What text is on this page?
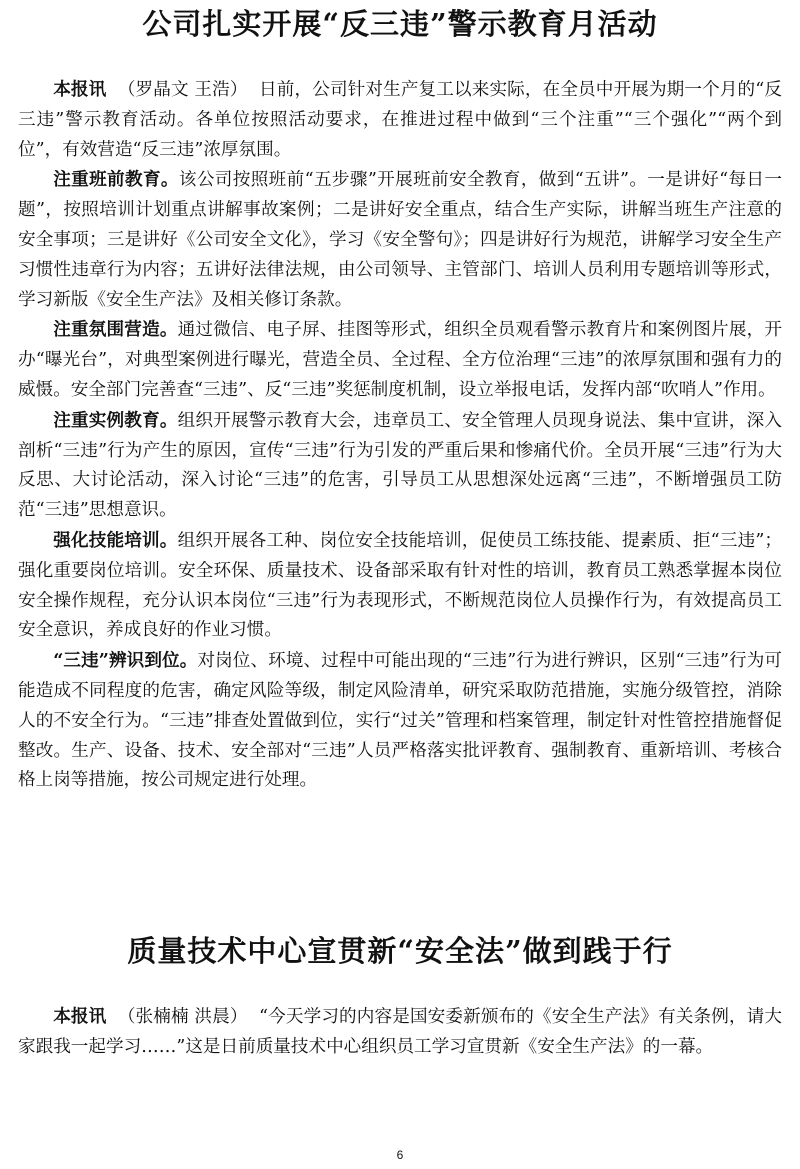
公司扎实开展“反三违”警示教育月活动

本报讯 （罗晶文 王浩） 日前，公司针对生产复工以来实际，在全员中开展为期一个月的“反三违”警示教育活动。各单位按照活动要求，在推进过程中做到“三个注重”“三个强化”“两个到位”，有效营造“反三违”浓厚氛围。

注重班前教育。该公司按照班前“五步骤”开展班前安全教育，做到“五讲”。一是讲好“每日一题”，按照培训计划重点讲解事故案例；二是讲好安全重点，结合生产实际，讲解当班生产注意的安全事项；三是讲好《公司安全文化》，学习《安全警句》；四是讲好行为规范，讲解学习安全生产习惯性违章行为内容；五讲好法律法规，由公司领导、主管部门、培训人员利用专题培训等形式，学习新版《安全生产法》及相关修订条款。

注重氛围营造。通过微信、电子屏、挂图等形式，组织全员观看警示教育片和案例图片展，开办“曝光台”，对典型案例进行曝光，营造全员、全过程、全方位治理“三违”的浓厚氛围和强有力的威慑。安全部门完善查“三违”、反“三违”奖惩制度机制，设立举报电话，发挥内部“吹哨人”作用。

注重实例教育。组织开展警示教育大会，违章员工、安全管理人员现身说法、集中宣讲，深入剖析“三违”行为产生的原因，宣传“三违”行为引发的严重后果和惨痛代价。全员开展“三违”行为大反思、大讨论活动，深入讨论“三违”的危害，引导员工从思想深处远离“三违”，不断增强员工防范“三违”思想意识。

强化技能培训。组织开展各工种、岗位安全技能培训，促使员工练技能、提素质、拒“三违”；强化重要岗位培训。安全环保、质量技术、设备部采取有针对性的培训，教育员工熟悉掌握本岗位安全操作规程，充分认识本岗位“三违”行为表现形式，不断规范岗位人员操作行为，有效提高员工安全意识，养成良好的作业习惯。

“三违”辨识到位。对岗位、环境、过程中可能出现的“三违”行为进行辨识，区别“三违”行为可能造成不同程度的危害，确定风险等级，制定风险清单，研究采取防范措施，实施分级管控，消除人的不安全行为。“三违”排查处置做到位，实行“过关”管理和档案管理，制定针对性管控措施督促整改。生产、设备、技术、安全部对“三违”人员严格落实批评教育、强制教育、重新培训、考核合格上岗等措施，按公司规定进行处理。

质量技术中心宣贯新“安全法”做到践于行

本报讯 （张楠楠 洪晨） “今天学习的内容是国安委新颁布的《安全生产法》有关条例，请大家跟我一起学习……”这是日前质量技术中心组织员工学习宣贯新《安全生产法》的一幕。

6
